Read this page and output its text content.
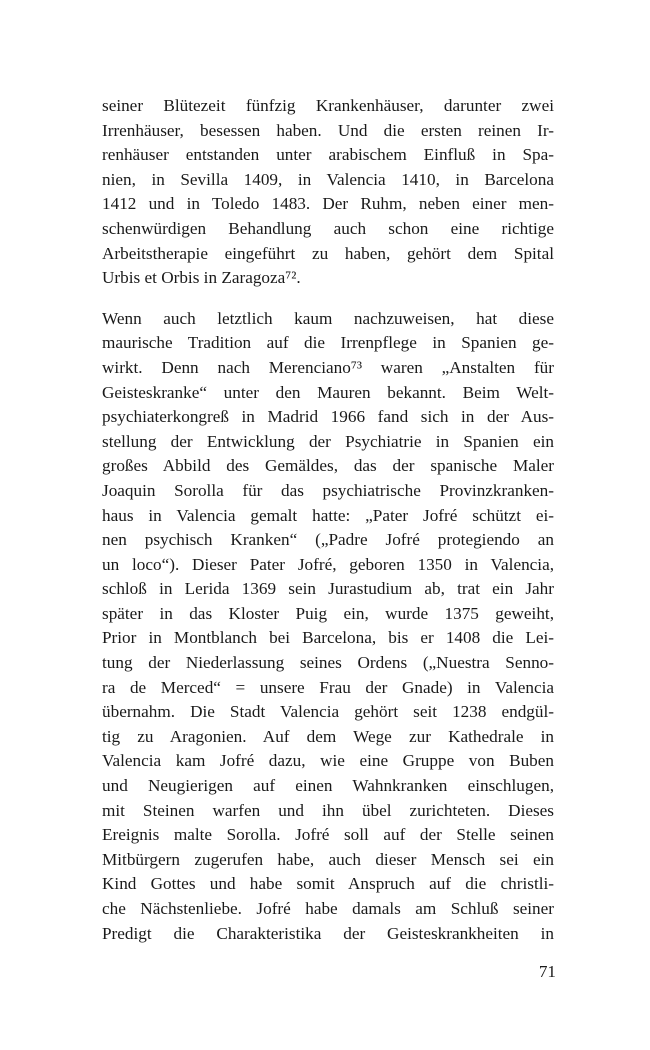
seiner Blütezeit fünfzig Krankenhäuser, darunter zwei
Irrenhäuser, besessen haben. Und die ersten reinen Ir-
renhäuser entstanden unter arabischem Einfluß in Spa-
nien, in Sevilla 1409, in Valencia 1410, in Barcelona
1412 und in Toledo 1483. Der Ruhm, neben einer men-
schenwürdigen Behandlung auch schon eine richtige
Arbeitstherapie eingeführt zu haben, gehört dem Spital
Urbis et Orbis in Zaragoza⁷².

Wenn auch letztlich kaum nachzuweisen, hat diese
maurische Tradition auf die Irrenpflege in Spanien ge-
wirkt. Denn nach Merenciano⁷³ waren „Anstalten für
Geisteskranke“ unter den Mauren bekannt. Beim Welt-
psychiaterkongreß in Madrid 1966 fand sich in der Aus-
stellung der Entwicklung der Psychiatrie in Spanien ein
großes Abbild des Gemäldes, das der spanische Maler
Joaquin Sorolla für das psychiatrische Provinzkranken-
haus in Valencia gemalt hatte: „Pater Jofré schützt ei-
nen psychisch Kranken“ („Padre Jofré protegiendo an
un loco“). Dieser Pater Jofré, geboren 1350 in Valencia,
schloß in Lerida 1369 sein Jurastudium ab, trat ein Jahr
später in das Kloster Puig ein, wurde 1375 geweiht,
Prior in Montblanch bei Barcelona, bis er 1408 die Lei-
tung der Niederlassung seines Ordens („Nuestra Senno-
ra de Merced“ = unsere Frau der Gnade) in Valencia
übernahm. Die Stadt Valencia gehört seit 1238 endgül-
tig zu Aragonien. Auf dem Wege zur Kathedrale in
Valencia kam Jofré dazu, wie eine Gruppe von Buben
und Neugierigen auf einen Wahnkranken einschlugen,
mit Steinen warfen und ihn übel zurichteten. Dieses
Ereignis malte Sorolla. Jofré soll auf der Stelle seinen
Mitbürgern zugerufen habe, auch dieser Mensch sei ein
Kind Gottes und habe somit Anspruch auf die christli-
che Nächstenliebe. Jofré habe damals am Schluß seiner
Predigt die Charakteristika der Geisteskrankheiten in

71
